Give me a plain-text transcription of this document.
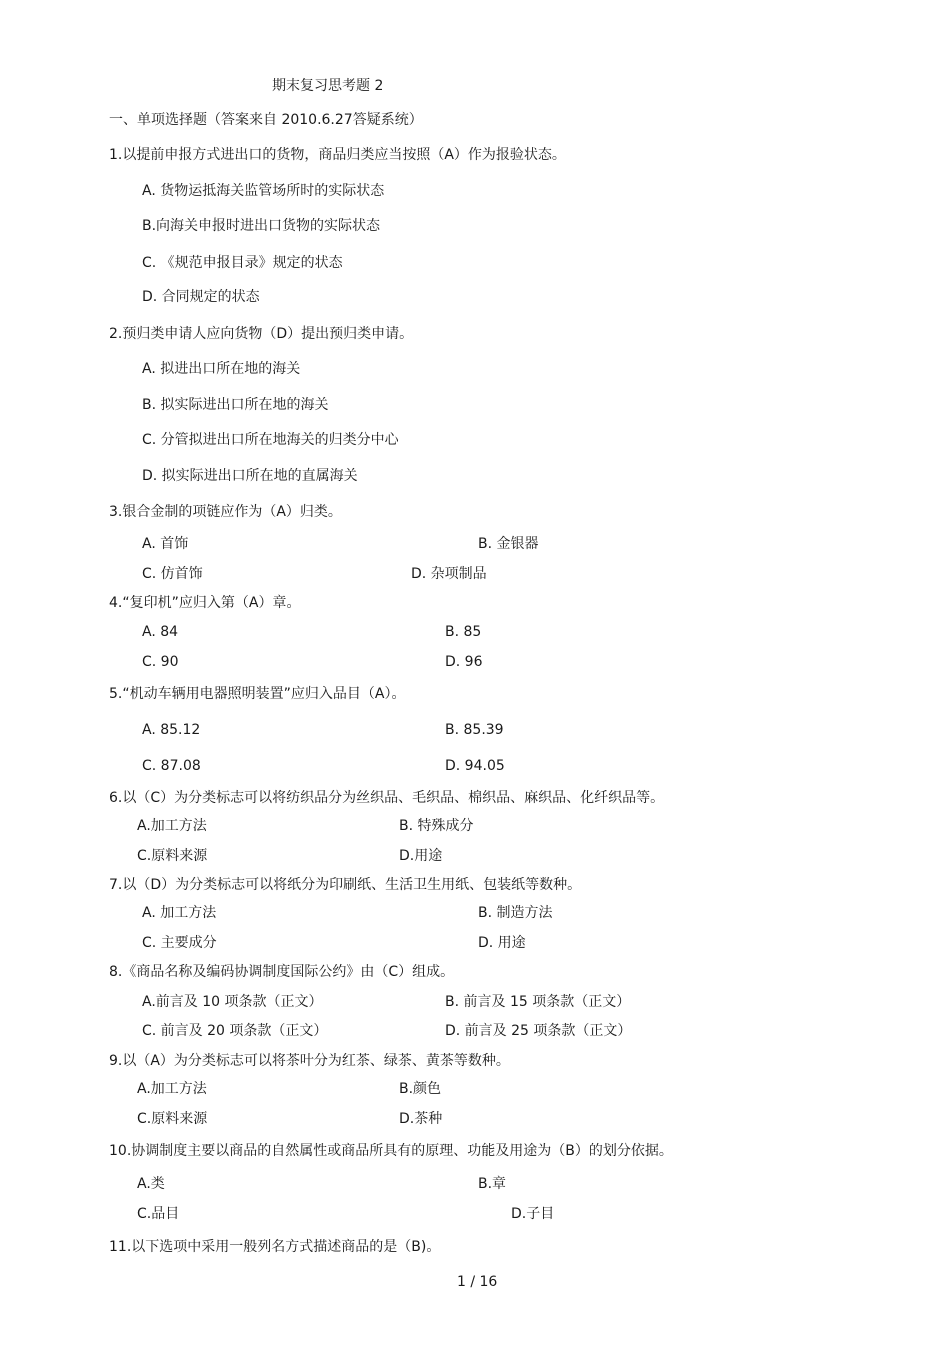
期末复习思考题 2
一、单项选择题（答案来自 2010.6.27答疑系统）
1.以提前申报方式进出口的货物，商品归类应当按照（A）作为报验状态。
A. 货物运抵海关监管场所时的实际状态
B.向海关申报时进出口货物的实际状态
C. 《规范申报目录》规定的状态
D. 合同规定的状态
2.预归类申请人应向货物（D）提出预归类申请。
A. 拟进出口所在地的海关
B. 拟实际进出口所在地的海关
C. 分管拟进出口所在地海关的归类分中心
D. 拟实际进出口所在地的直属海关
3.银合金制的项链应作为（A）归类。
A. 首饰	B. 金银器
C. 仿首饰	D. 杂项制品
4.“复印机”应归入第（A）章。
A. 84	B. 85
C. 90	D. 96
5.“机动车辆用电器照明装置”应归入品目（A）。
A. 85.12	B. 85.39
C. 87.08	D. 94.05
6.以（C）为分类标志可以将纺织品分为丝织品、毛织品、棉织品、麻织品、化纤织品等。
A.加工方法	B. 特殊成分
C.原料来源	D.用途
7.以（D）为分类标志可以将纸分为印刷纸、生活卫生用纸、包装纸等数种。
A. 加工方法	B. 制造方法
C. 主要成分	D. 用途
8.《商品名称及编码协调制度国际公约》由（C）组成。
A.前言及 10 项条款（正文）	B. 前言及 15 项条款（正文）
C. 前言及 20 项条款（正文）	D. 前言及 25 项条款（正文）
9.以（A）为分类标志可以将茶叶分为红茶、绿茶、黄茶等数种。
A.加工方法	B.颜色
C.原料来源	D.茶种
10.协调制度主要以商品的自然属性或商品所具有的原理、功能及用途为（B）的划分依据。
A.类	B.章
C.品目	D.子目
11.以下选项中采用一般列名方式描述商品的是（B)。
1 / 16
